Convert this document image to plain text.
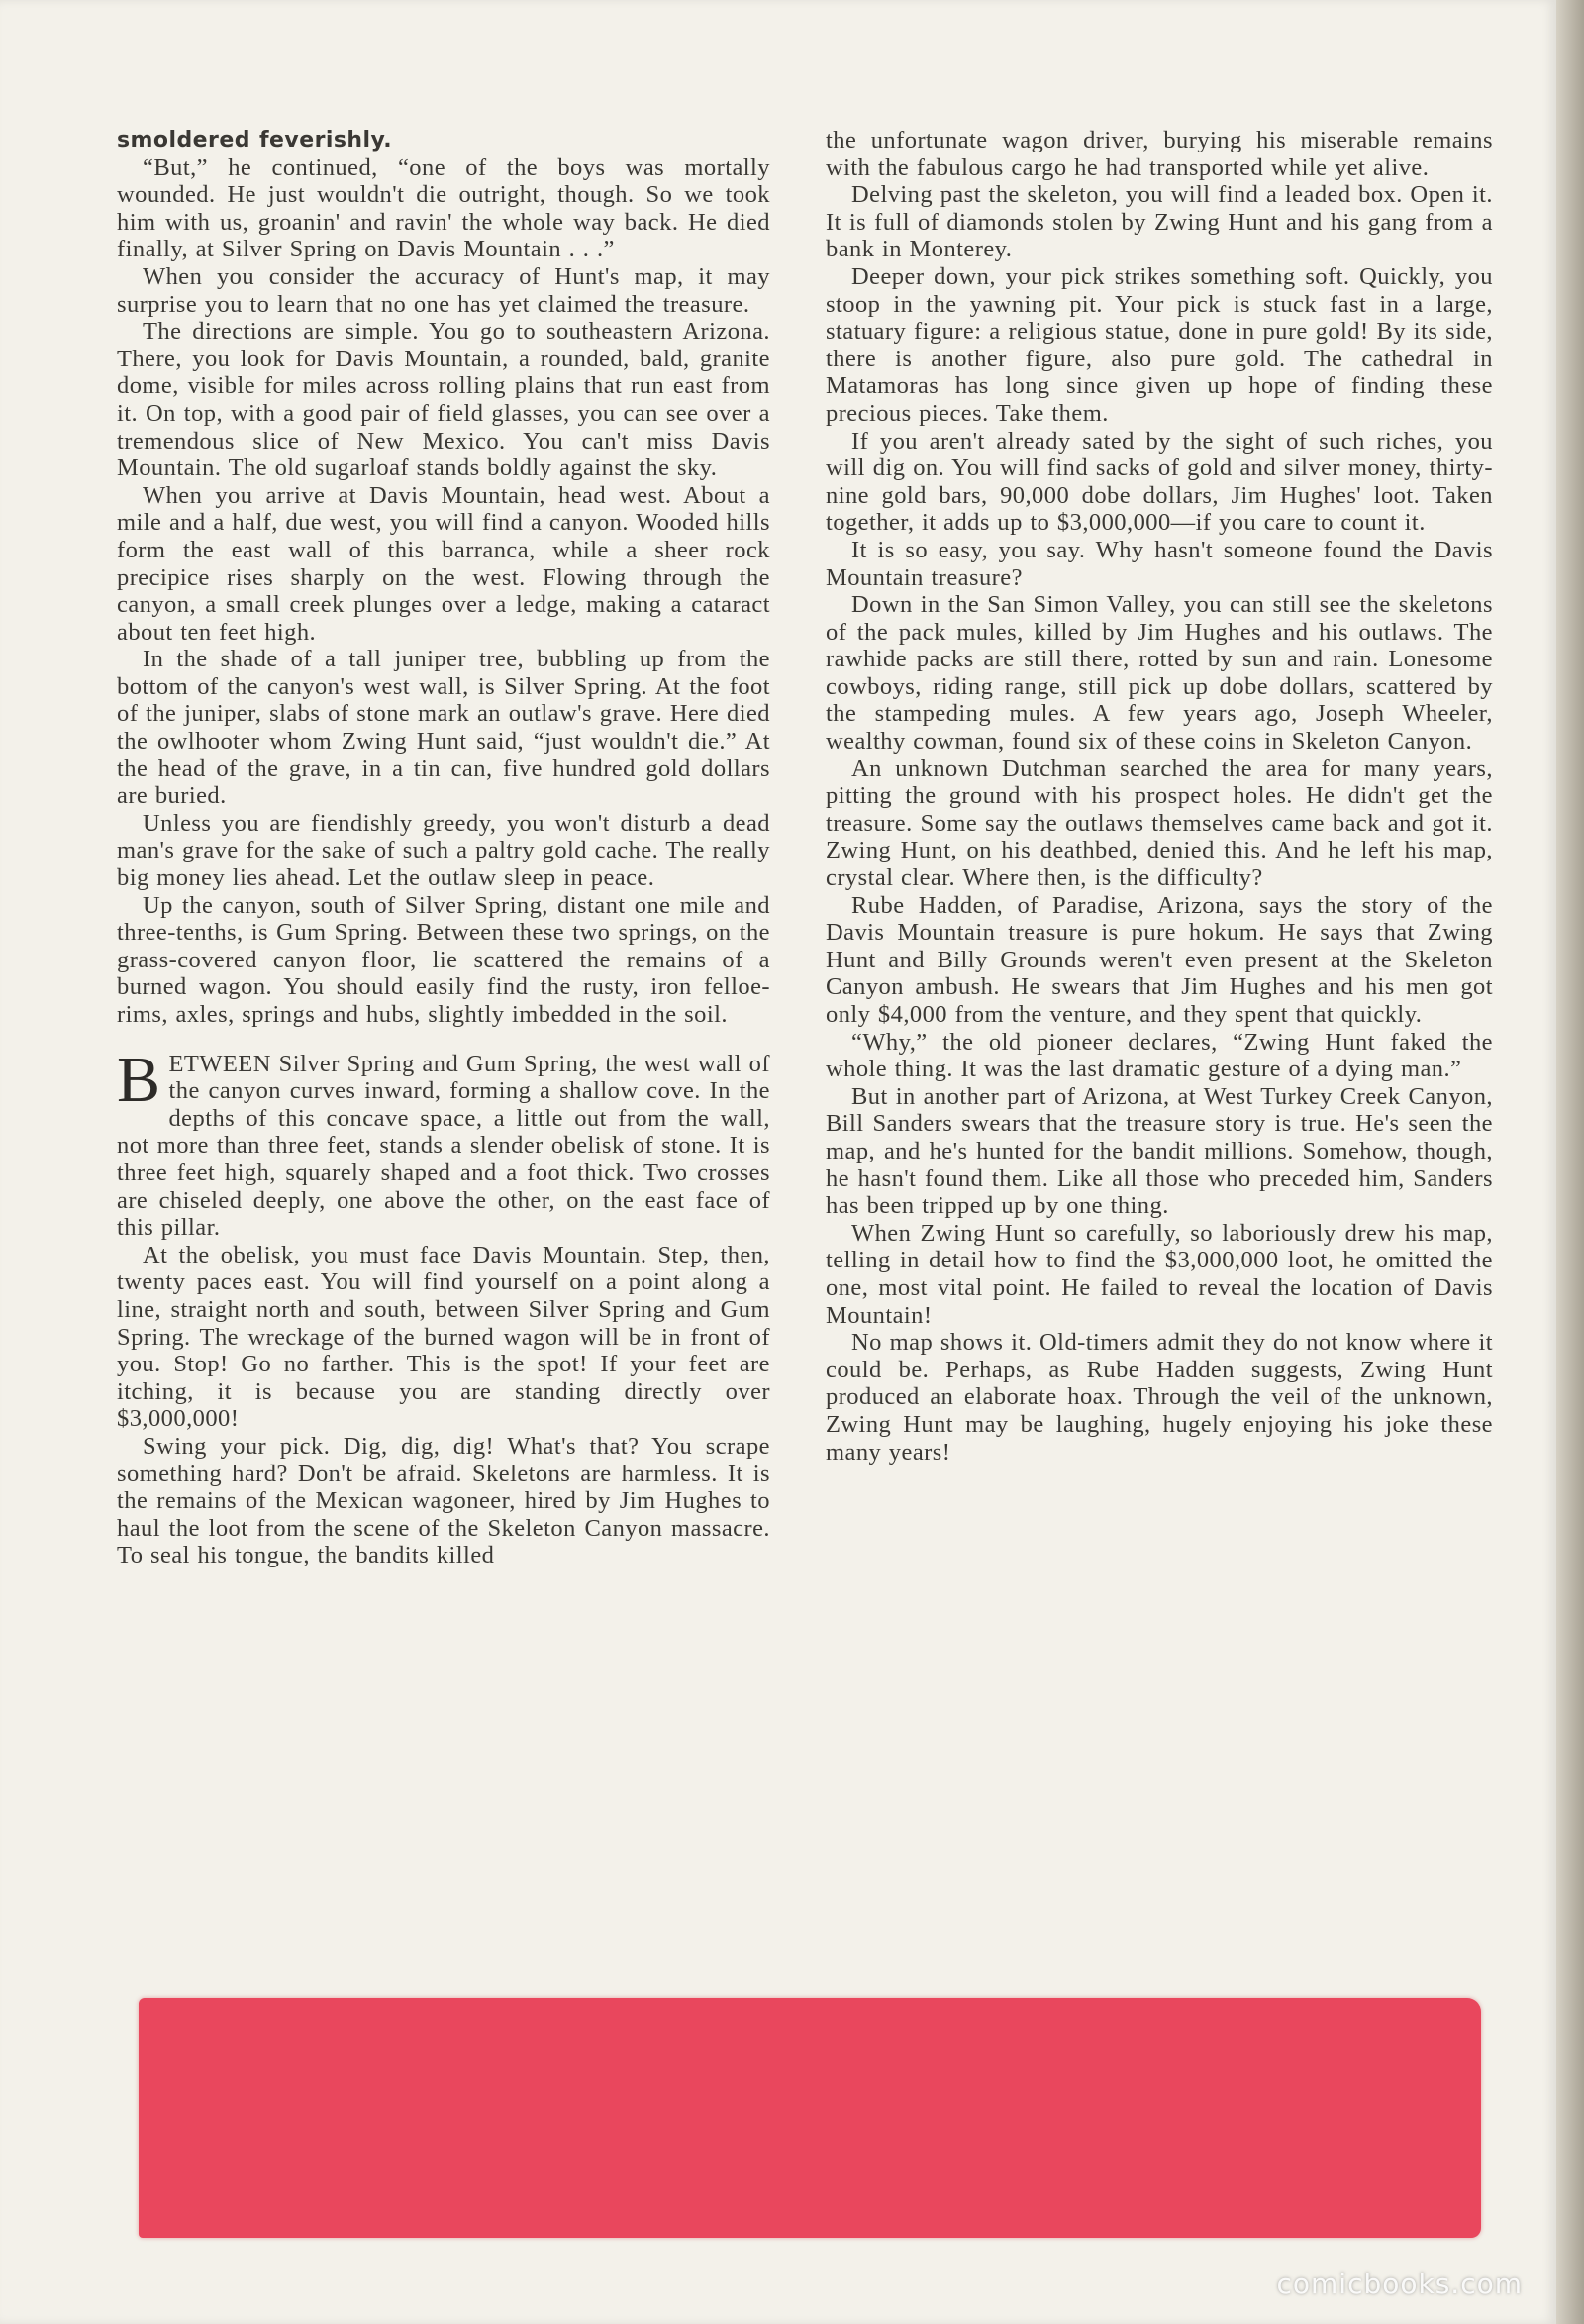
smoldered feverishly.

“But,” he continued, “one of the boys was mortally wounded. He just wouldn't die outright, though. So we took him with us, groanin' and ravin' the whole way back. He died finally, at Silver Spring on Davis Mountain . . .”

When you consider the accuracy of Hunt's map, it may surprise you to learn that no one has yet claimed the treasure.

The directions are simple. You go to southeastern Arizona. There, you look for Davis Mountain, a rounded, bald, granite dome, visible for miles across rolling plains that run east from it. On top, with a good pair of field glasses, you can see over a tremendous slice of New Mexico. You can't miss Davis Mountain. The old sugarloaf stands boldly against the sky.

When you arrive at Davis Mountain, head west. About a mile and a half, due west, you will find a canyon. Wooded hills form the east wall of this barranca, while a sheer rock precipice rises sharply on the west. Flowing through the canyon, a small creek plunges over a ledge, making a cataract about ten feet high.

In the shade of a tall juniper tree, bubbling up from the bottom of the canyon's west wall, is Silver Spring. At the foot of the juniper, slabs of stone mark an outlaw's grave. Here died the owlhooter whom Zwing Hunt said, “just wouldn't die.” At the head of the grave, in a tin can, five hundred gold dollars are buried.

Unless you are fiendishly greedy, you won't disturb a dead man's grave for the sake of such a paltry gold cache. The really big money lies ahead. Let the outlaw sleep in peace.

Up the canyon, south of Silver Spring, distant one mile and three-tenths, is Gum Spring. Between these two springs, on the grass-covered canyon floor, lie scattered the remains of a burned wagon. You should easily find the rusty, iron felloe-rims, axles, springs and hubs, slightly imbedded in the soil.

BETWEEN Silver Spring and Gum Spring, the west wall of the canyon curves inward, forming a shallow cove. In the depths of this concave space, a little out from the wall, not more than three feet, stands a slender obelisk of stone. It is three feet high, squarely shaped and a foot thick. Two crosses are chiseled deeply, one above the other, on the east face of this pillar.

At the obelisk, you must face Davis Mountain. Step, then, twenty paces east. You will find yourself on a point along a line, straight north and south, between Silver Spring and Gum Spring. The wreckage of the burned wagon will be in front of you. Stop! Go no farther. This is the spot! If your feet are itching, it is because you are standing directly over $3,000,000!

Swing your pick. Dig, dig, dig! What's that? You scrape something hard? Don't be afraid. Skeletons are harmless. It is the remains of the Mexican wagoneer, hired by Jim Hughes to haul the loot from the scene of the Skeleton Canyon massacre. To seal his tongue, the bandits killed

the unfortunate wagon driver, burying his miserable remains with the fabulous cargo he had transported while yet alive.

Delving past the skeleton, you will find a leaded box. Open it. It is full of diamonds stolen by Zwing Hunt and his gang from a bank in Monterey.

Deeper down, your pick strikes something soft. Quickly, you stoop in the yawning pit. Your pick is stuck fast in a large, statuary figure: a religious statue, done in pure gold! By its side, there is another figure, also pure gold. The cathedral in Matamoras has long since given up hope of finding these precious pieces. Take them.

If you aren't already sated by the sight of such riches, you will dig on. You will find sacks of gold and silver money, thirty-nine gold bars, 90,000 dobe dollars, Jim Hughes' loot. Taken together, it adds up to $3,000,000—if you care to count it.

It is so easy, you say. Why hasn't someone found the Davis Mountain treasure?

Down in the San Simon Valley, you can still see the skeletons of the pack mules, killed by Jim Hughes and his outlaws. The rawhide packs are still there, rotted by sun and rain. Lonesome cowboys, riding range, still pick up dobe dollars, scattered by the stampeding mules. A few years ago, Joseph Wheeler, wealthy cowman, found six of these coins in Skeleton Canyon.

An unknown Dutchman searched the area for many years, pitting the ground with his prospect holes. He didn't get the treasure. Some say the outlaws themselves came back and got it. Zwing Hunt, on his deathbed, denied this. And he left his map, crystal clear. Where then, is the difficulty?

Rube Hadden, of Paradise, Arizona, says the story of the Davis Mountain treasure is pure hokum. He says that Zwing Hunt and Billy Grounds weren't even present at the Skeleton Canyon ambush. He swears that Jim Hughes and his men got only $4,000 from the venture, and they spent that quickly.

“Why,” the old pioneer declares, “Zwing Hunt faked the whole thing. It was the last dramatic gesture of a dying man.”

But in another part of Arizona, at West Turkey Creek Canyon, Bill Sanders swears that the treasure story is true. He's seen the map, and he's hunted for the bandit millions. Somehow, though, he hasn't found them. Like all those who preceded him, Sanders has been tripped up by one thing.

When Zwing Hunt so carefully, so laboriously drew his map, telling in detail how to find the $3,000,000 loot, he omitted the one, most vital point. He failed to reveal the location of Davis Mountain!

No map shows it. Old-timers admit they do not know where it could be. Perhaps, as Rube Hadden suggests, Zwing Hunt produced an elaborate hoax. Through the veil of the unknown, Zwing Hunt may be laughing, hugely enjoying his joke these many years!

comicbooks.com
